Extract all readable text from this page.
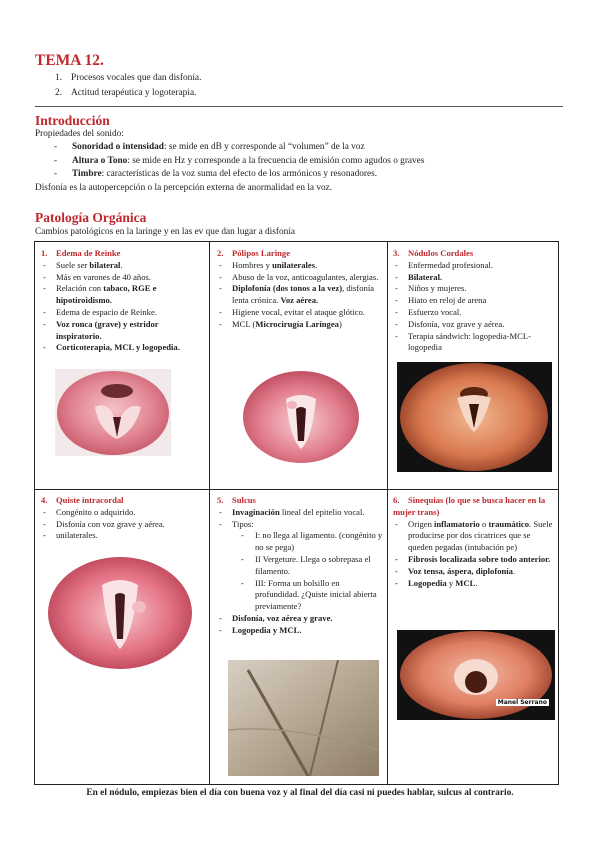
TEMA 12.
1. Procesos vocales que dan disfonía.
2. Actitud terapéutica y logoterapia.
Introducción
Propiedades del sonido:
- Sonoridad o intensidad: se mide en dB y corresponde al “volumen” de la voz
- Altura o Tono: se mide en Hz y corresponde a la frecuencia de emisión como agudos o graves
- Timbre: características de la voz suma del efecto de los armónicos y resonadores.
Disfonía es la autopercepción o la percepción externa de anormalidad en la voz.
Patología Orgánica
Cambios patológicos en la laringe y en las ev que dan lugar a disfonía
1. Edema de Reinke
- Suele ser bilateral.
- Más en varones de 40 años.
- Relación con tabaco, RGE e hipotiroidismo.
- Edema de espacio de Reinke.
- Voz ronca (grave) y estridor inspiratorio.
- Corticoterapia, MCL y logopedia.
2. Pólipos Laringe
- Hombres y unilaterales.
- Abuso de la voz, anticoagulantes, alergias.
- Diplofonía (dos tonos a la vez), disfonía lenta crónica. Voz aérea.
- Higiene vocal, evitar el ataque glótico.
- MCL (Microcirugía Laríngea)
3. Nódulos Cordales
- Enfermedad profesional.
- Bilateral.
- Niños y mujeres.
- Hiato en reloj de arena
- Esfuerzo vocal.
- Disfonía, voz grave y aérea.
- Terapia sándwich: logopedia-MCL-logopedia
4. Quiste intracordal
- Congénito o adquirido.
- Disfonía con voz grave y aérea.
- unilaterales.
5. Sulcus
- Invaginación lineal del epitelio vocal.
- Tipos:
- I: no llega al ligamento. (congénito y no se pega)
- II Vergeture. Llega o sobrepasa el filamento.
- III: Forma un bolsillo en profundidad. ¿Quiste inicial abierta previamente?
- Disfonía, voz aérea y grave.
- Logopedia y MCL.
6. Sinequias (lo que se busca hacer en la mujer trans)
- Origen inflamatorio o traumático. Suele producirse por dos cicatrices que se queden pegadas (intubación pe)
- Fibrosis localizada sobre todo anterior.
- Voz tensa, áspera, diplofonía.
- Logopedia y MCL.
Manel Serrano
En el nódulo, empiezas bien el día con buena voz y al final del día casi ni puedes hablar, sulcus al contrario.
